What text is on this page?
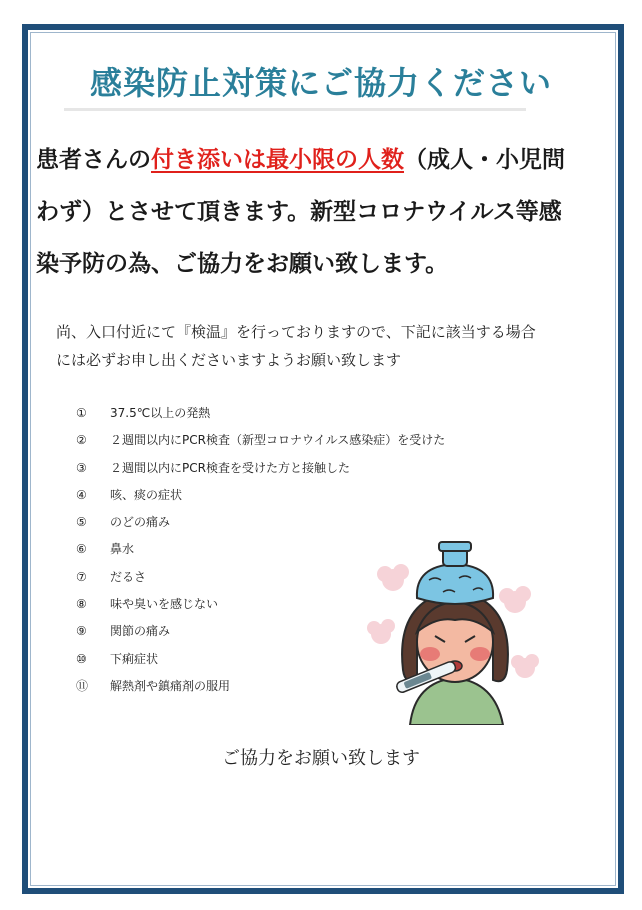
感染防止対策にご協力ください
患者さんの付き添いは最小限の人数（成人・小児問わず）とさせて頂きます。新型コロナウイルス等感染予防の為、ご協力をお願い致します。
尚、入口付近にて『検温』を行っておりますので、下記に該当する場合には必ずお申し出くださいますようお願い致します
① 37.5℃以上の発熱
② ２週間以内にPCR検査（新型コロナウイルス感染症）を受けた
③ ２週間以内にPCR検査を受けた方と接触した
④ 咳、痰の症状
⑤ のどの痛み
⑥ 鼻水
⑦ だるさ
⑧ 味や臭いを感じない
⑨ 関節の痛み
⑩ 下痢症状
⑪ 解熱剤や鎮痛剤の服用
ご協力をお願い致します
